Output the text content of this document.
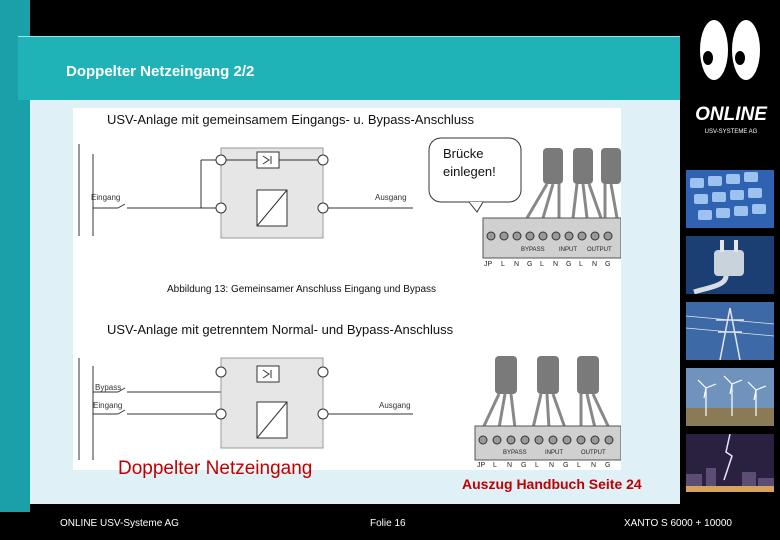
Doppelter Netzeingang 2/2
ONLINE
USV-SYSTEME AG
USV-Anlage mit gemeinsamem Eingangs- u. Bypass-Anschluss
Eingang	Ausgang
Brücke
einlegen!
BYPASS INPUT OUTPUT
JP L N G L N G L N G
Abbildung 13: Gemeinsamer Anschluss Eingang und Bypass
USV-Anlage mit getrenntem Normal- und Bypass-Anschluss
Bypass
Eingang	Ausgang
BYPASS	INPUT	OUTPUT
JP L N G L N G L N G
Doppelter Netzeingang
Auszug Handbuch Seite 24
ONLINE USV-Systeme AG	Folie 16	XANTO S 6000 + 10000
